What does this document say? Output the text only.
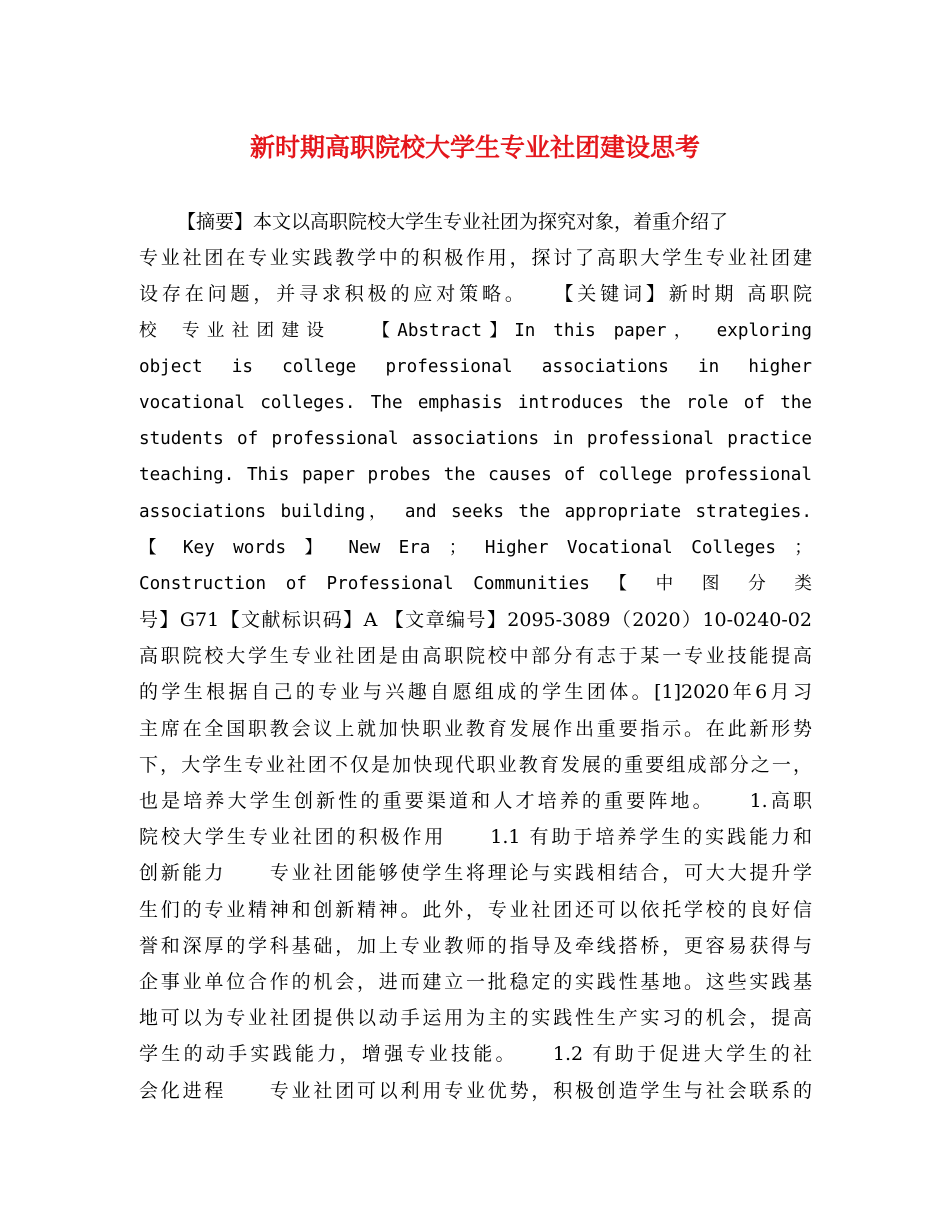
新时期高职院校大学生专业社团建设思考
【摘要】本文以高职院校大学生专业社团为探究对象，着重介绍了
专业社团在专业实践教学中的积极作用，探讨了高职大学生专业社团建
设存在问题，并寻求积极的应对策略。　　【关键词】新时期 高职院
校 专业社团建设　　【Abstract】In this paper， exploring
object is college professional associations in higher
vocational colleges. The emphasis introduces the role of the
students of professional associations in professional practice
teaching. This paper probes the causes of college professional
associations building， and seeks the appropriate strategies.
【 Key words 】 New Era ； Higher Vocational Colleges ；
Construction of Professional Communities 【 中 图 分 类
号】G71【文献标识码】A 【文章编号】2095-3089（2020）10-0240-02
高职院校大学生专业社团是由高职院校中部分有志于某一专业技能提高
的学生根据自己的专业与兴趣自愿组成的学生团体。[1]2020年6月习
主席在全国职教会议上就加快职业教育发展作出重要指示。在此新形势
下，大学生专业社团不仅是加快现代职业教育发展的重要组成部分之一，
也是培养大学生创新性的重要渠道和人才培养的重要阵地。　　1.高职
院校大学生专业社团的积极作用　　1.1 有助于培养学生的实践能力和
创新能力　　专业社团能够使学生将理论与实践相结合，可大大提升学
生们的专业精神和创新精神。此外，专业社团还可以依托学校的良好信
誉和深厚的学科基础，加上专业教师的指导及牵线搭桥，更容易获得与
企事业单位合作的机会，进而建立一批稳定的实践性基地。这些实践基
地可以为专业社团提供以动手运用为主的实践性生产实习的机会，提高
学生的动手实践能力，增强专业技能。　　1.2 有助于促进大学生的社
会化进程　　专业社团可以利用专业优势，积极创造学生与社会联系的
